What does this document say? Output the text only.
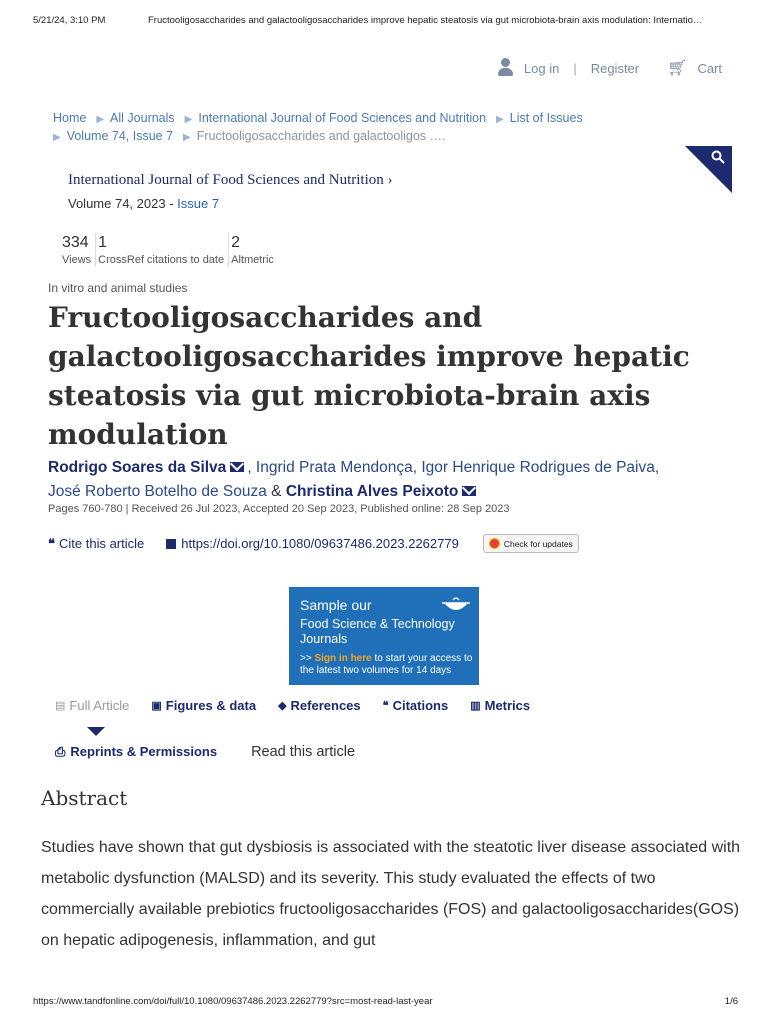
5/21/24, 3:10 PM	Fructooligosaccharides and galactooligosaccharides improve hepatic steatosis via gut microbiota-brain axis modulation: Internatio…
Log in | Register 🛒︎ Cart
Home ▶ All Journals ▶ International Journal of Food Sciences and Nutrition ▶ List of Issues
▶ Volume 74, Issue 7 ▶ Fructooligosaccharides and galactooligos ….
International Journal of Food Sciences and Nutrition ›
Volume 74, 2023 - Issue 7
334
Views
1
CrossRef citations to date
2
Altmetric
In vitro and animal studies
Fructooligosaccharides and galactooligosaccharides improve hepatic steatosis via gut microbiota-brain axis modulation
Rodrigo Soares da Silva , Ingrid Prata Mendonça, Igor Henrique Rodrigues de Paiva,
José Roberto Botelho de Souza & Christina Alves Peixoto
Pages 760-780 | Received 26 Jul 2023, Accepted 20 Sep 2023, Published online: 28 Sep 2023
❝ Cite this article	https://doi.org/10.1080/09637486.2023.2262779	Check for updates
Sample our
Food Science & Technology Journals
>> Sign in here to start your access to the latest two volumes for 14 days
▤ Full Article ▣ Figures & data ◆ References ❝ Citations ▥ Metrics
⎙ Reprints & Permissions Read this article
Abstract
Studies have shown that gut dysbiosis is associated with the steatotic liver disease associated with metabolic dysfunction (MALSD) and its severity. This study evaluated the effects of two commercially available prebiotics fructooligosaccharides (FOS) and galactooligosaccharides(GOS) on hepatic adipogenesis, inflammation, and gut
https://www.tandfonline.com/doi/full/10.1080/09637486.2023.2262779?src=most-read-last-year	1/6
